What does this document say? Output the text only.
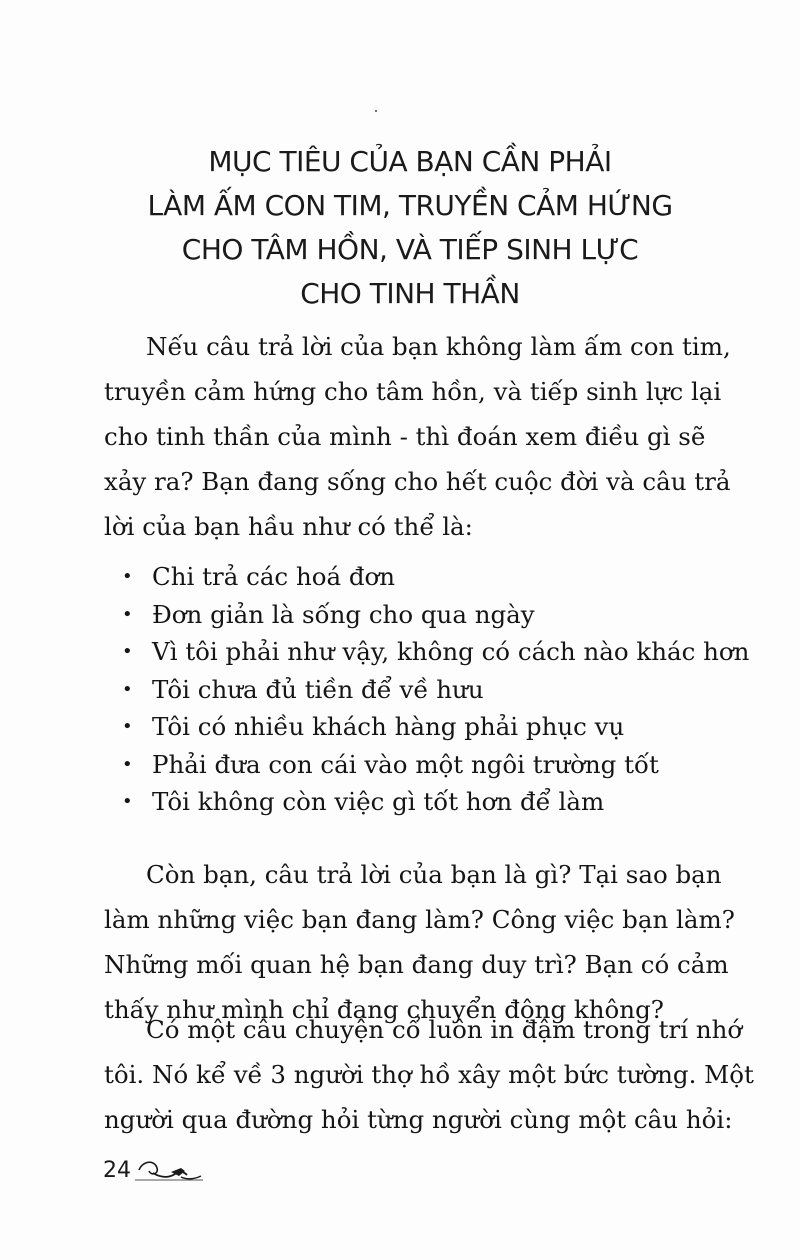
MỤC TIÊU CỦA BẠN CẦN PHẢI
LÀM ẤM CON TIM, TRUYỀN CẢM HỨNG
CHO TÂM HỒN, VÀ TIẾP SINH LỰC
CHO TINH THẦN
Nếu câu trả lời của bạn không làm ấm con tim,
truyền cảm hứng cho tâm hồn, và tiếp sinh lực lại
cho tinh thần của mình - thì đoán xem điều gì sẽ
xảy ra? Bạn đang sống cho hết cuộc đời và câu trả
lời của bạn hầu như có thể là:
• Chi trả các hoá đơn
• Đơn giản là sống cho qua ngày
• Vì tôi phải như vậy, không có cách nào khác hơn
• Tôi chưa đủ tiền để về hưu
• Tôi có nhiều khách hàng phải phục vụ
• Phải đưa con cái vào một ngôi trường tốt
• Tôi không còn việc gì tốt hơn để làm
Còn bạn, câu trả lời của bạn là gì? Tại sao bạn
làm những việc bạn đang làm? Công việc bạn làm?
Những mối quan hệ bạn đang duy trì? Bạn có cảm
thấy như mình chỉ đang chuyển động không?
Có một câu chuyện cổ luôn in đậm trong trí nhớ
tôi. Nó kể về 3 người thợ hồ xây một bức tường. Một
người qua đường hỏi từng người cùng một câu hỏi:
24
